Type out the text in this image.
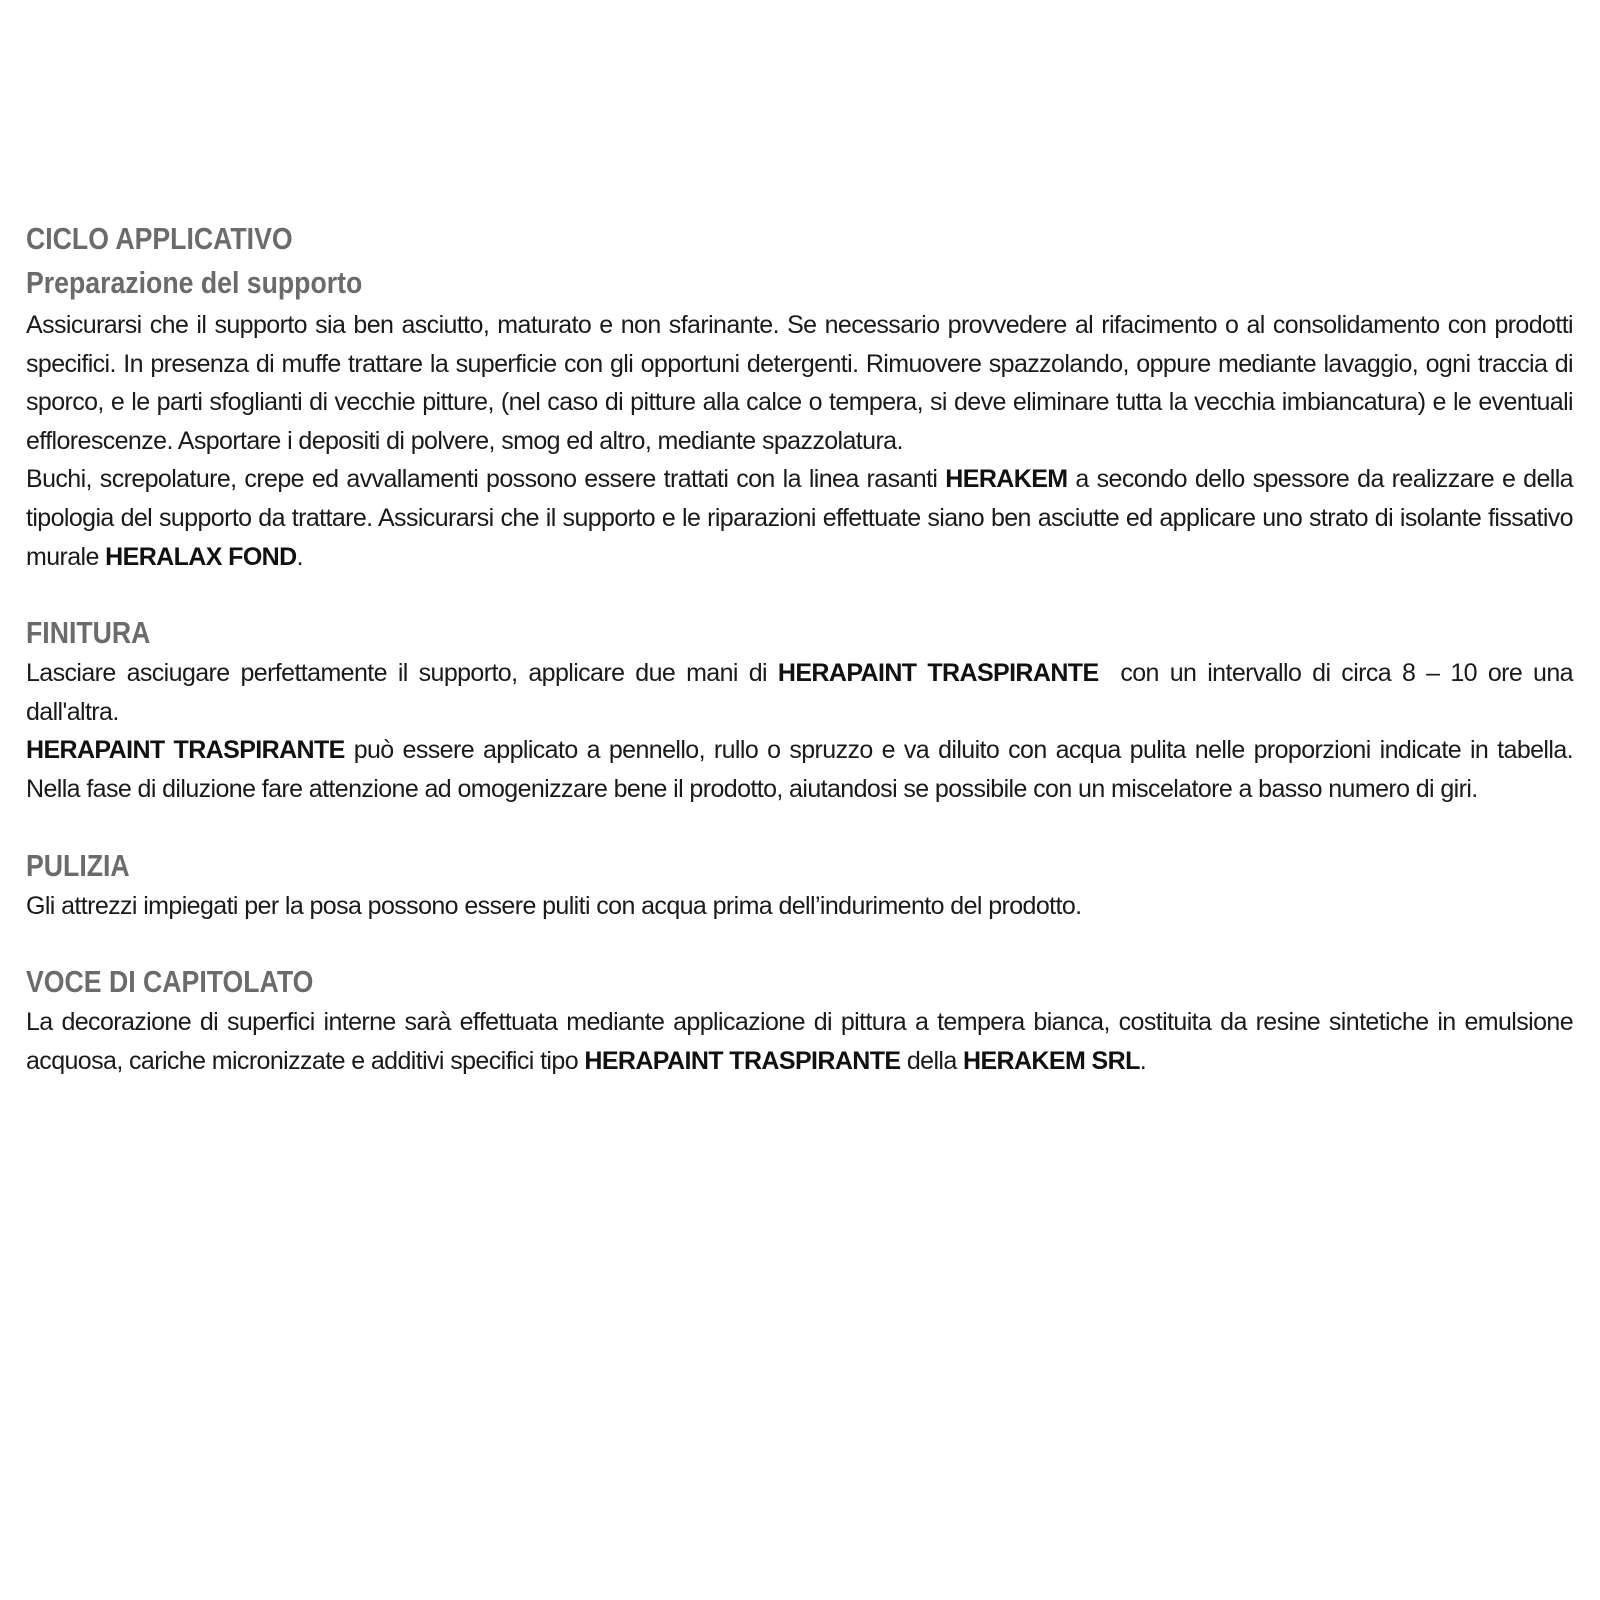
CICLO APPLICATIVO
Preparazione del supporto

Assicurarsi che il supporto sia ben asciutto, maturato e non sfarinante. Se necessario provvedere al rifacimento o al consolidamento con prodotti specifici. In presenza di muffe trattare la superficie con gli opportuni detergenti. Rimuovere spazzolando, oppure mediante lavaggio, ogni traccia di sporco, e le parti sfoglianti di vecchie pitture, (nel caso di pitture alla calce o tempera, si deve eliminare tutta la vecchia imbiancatura) e le eventuali efflorescenze. Asportare i depositi di polvere, smog ed altro, mediante spazzolatura.

Buchi, screpolature, crepe ed avvallamenti possono essere trattati con la linea rasanti HERAKEM a secondo dello spessore da realizzare e della tipologia del supporto da trattare. Assicurarsi che il supporto e le riparazioni effettuate siano ben asciutte ed applicare uno strato di isolante fissativo murale HERALAX FOND.

FINITURA

Lasciare asciugare perfettamente il supporto, applicare due mani di HERAPAINT TRASPIRANTE  con un intervallo di circa 8 – 10 ore una dall'altra.

HERAPAINT TRASPIRANTE può essere applicato a pennello, rullo o spruzzo e va diluito con acqua pulita nelle proporzioni indicate in tabella. Nella fase di diluzione fare attenzione ad omogenizzare bene il prodotto, aiutandosi se possibile con un miscelatore a basso numero di giri.

PULIZIA

Gli attrezzi impiegati per la posa possono essere puliti con acqua prima dell’indurimento del prodotto.

VOCE DI CAPITOLATO

La decorazione di superfici interne sarà effettuata mediante applicazione di pittura a tempera bianca, costituita da resine sintetiche in emulsione acquosa, cariche micronizzate e additivi specifici tipo HERAPAINT TRASPIRANTE della HERAKEM SRL.
